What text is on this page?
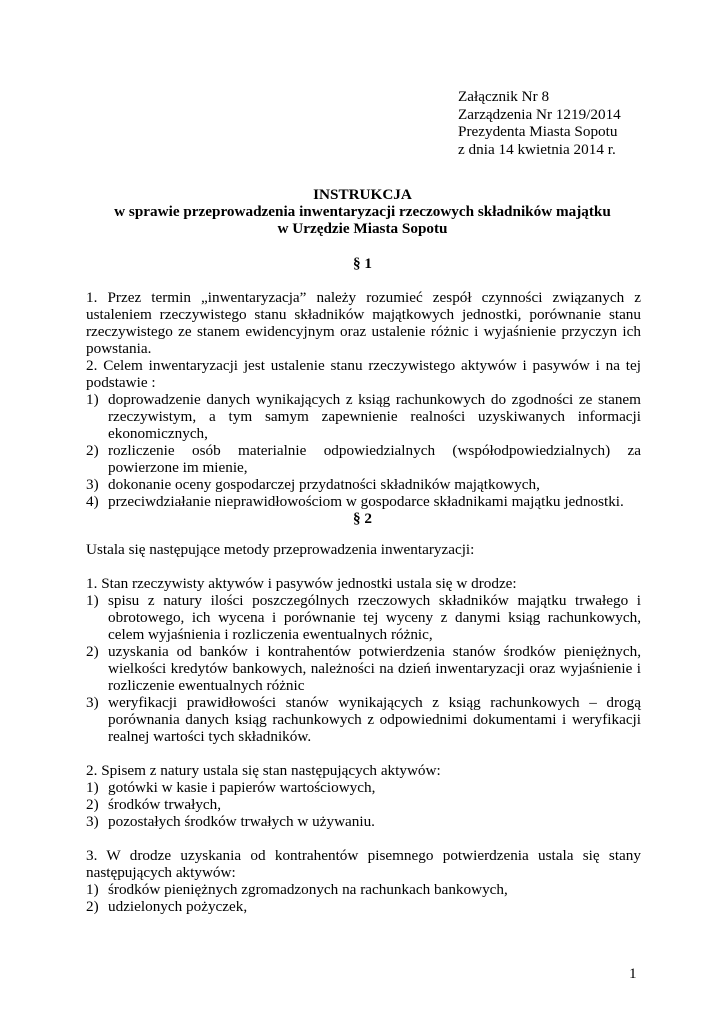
Załącznik Nr 8
Zarządzenia Nr 1219/2014
Prezydenta Miasta Sopotu
z dnia 14 kwietnia 2014 r.
INSTRUKCJA
w sprawie przeprowadzenia inwentaryzacji rzeczowych składników majątku
w Urzędzie Miasta Sopotu
§ 1

1. Przez termin „inwentaryzacja” należy rozumieć zespół czynności związanych z ustaleniem rzeczywistego stanu składników majątkowych jednostki, porównanie stanu rzeczywistego ze stanem ewidencyjnym oraz ustalenie różnic i wyjaśnienie przyczyn ich powstania.

2. Celem inwentaryzacji jest ustalenie stanu rzeczywistego aktywów i pasywów i na tej podstawie :

1) doprowadzenie danych wynikających z ksiąg rachunkowych do zgodności ze stanem rzeczywistym, a tym samym zapewnienie realności uzyskiwanych informacji ekonomicznych,
2) rozliczenie osób materialnie odpowiedzialnych (współodpowiedzialnych) za powierzone im mienie,
3) dokonanie oceny gospodarczej przydatności składników majątkowych,
4) przeciwdziałanie nieprawidłowościom w gospodarce składnikami majątku jednostki.
§ 2

Ustala się następujące metody przeprowadzenia inwentaryzacji:

1. Stan rzeczywisty aktywów i pasywów jednostki ustala się w drodze:

1) spisu z natury ilości poszczególnych rzeczowych składników majątku trwałego i obrotowego, ich wycena i porównanie tej wyceny z danymi ksiąg rachunkowych, celem wyjaśnienia i rozliczenia ewentualnych różnic,
2) uzyskania od banków i kontrahentów potwierdzenia stanów środków pieniężnych, wielkości kredytów bankowych, należności na dzień inwentaryzacji oraz wyjaśnienie i rozliczenie ewentualnych różnic
3) weryfikacji prawidłowości stanów wynikających z ksiąg rachunkowych – drogą porównania danych ksiąg rachunkowych z odpowiednimi dokumentami i weryfikacji realnej wartości tych składników.

2. Spisem z natury ustala się stan następujących aktywów:

1) gotówki w kasie i papierów wartościowych,
2) środków trwałych,
3) pozostałych środków trwałych w używaniu.

3. W drodze uzyskania od kontrahentów pisemnego potwierdzenia ustala się stany następujących aktywów:

1) środków pieniężnych zgromadzonych na rachunkach bankowych,
2) udzielonych pożyczek,
1
